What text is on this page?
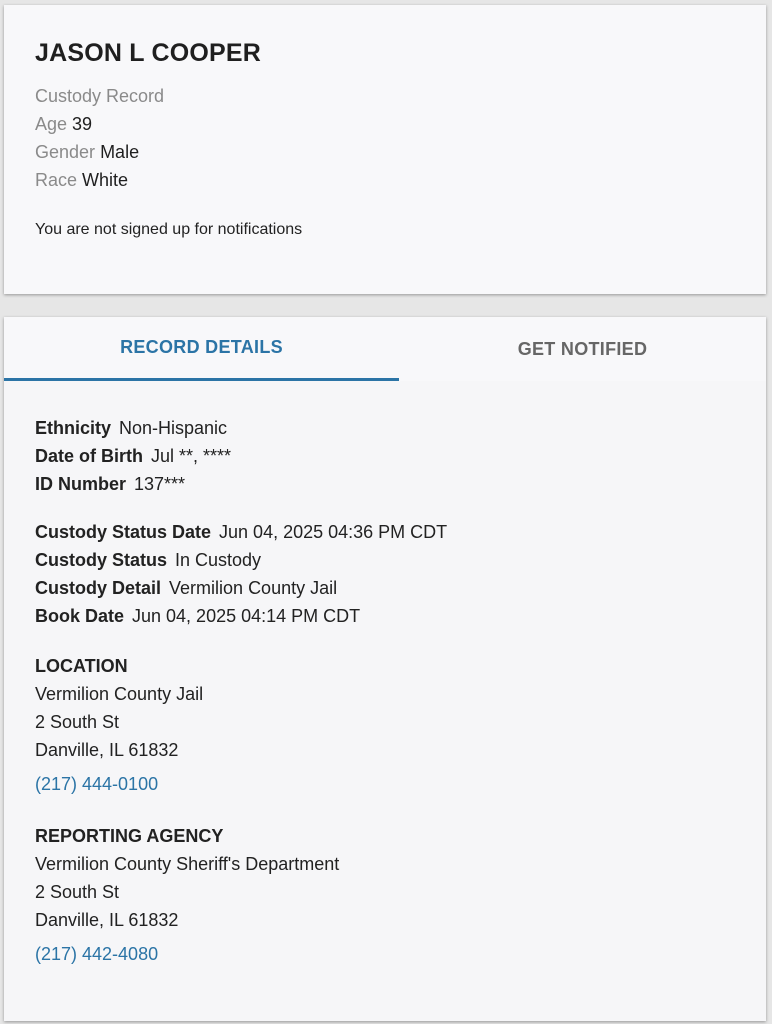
JASON L COOPER
Custody Record
Age 39
Gender Male
Race White
You are not signed up for notifications
RECORD DETAILS	GET NOTIFIED
Ethnicity Non-Hispanic
Date of Birth Jul **, ****
ID Number 137***
Custody Status Date Jun 04, 2025 04:36 PM CDT
Custody Status In Custody
Custody Detail Vermilion County Jail
Book Date Jun 04, 2025 04:14 PM CDT
LOCATION
Vermilion County Jail
2 South St
Danville, IL 61832
(217) 444-0100
REPORTING AGENCY
Vermilion County Sheriff's Department
2 South St
Danville, IL 61832
(217) 442-4080
